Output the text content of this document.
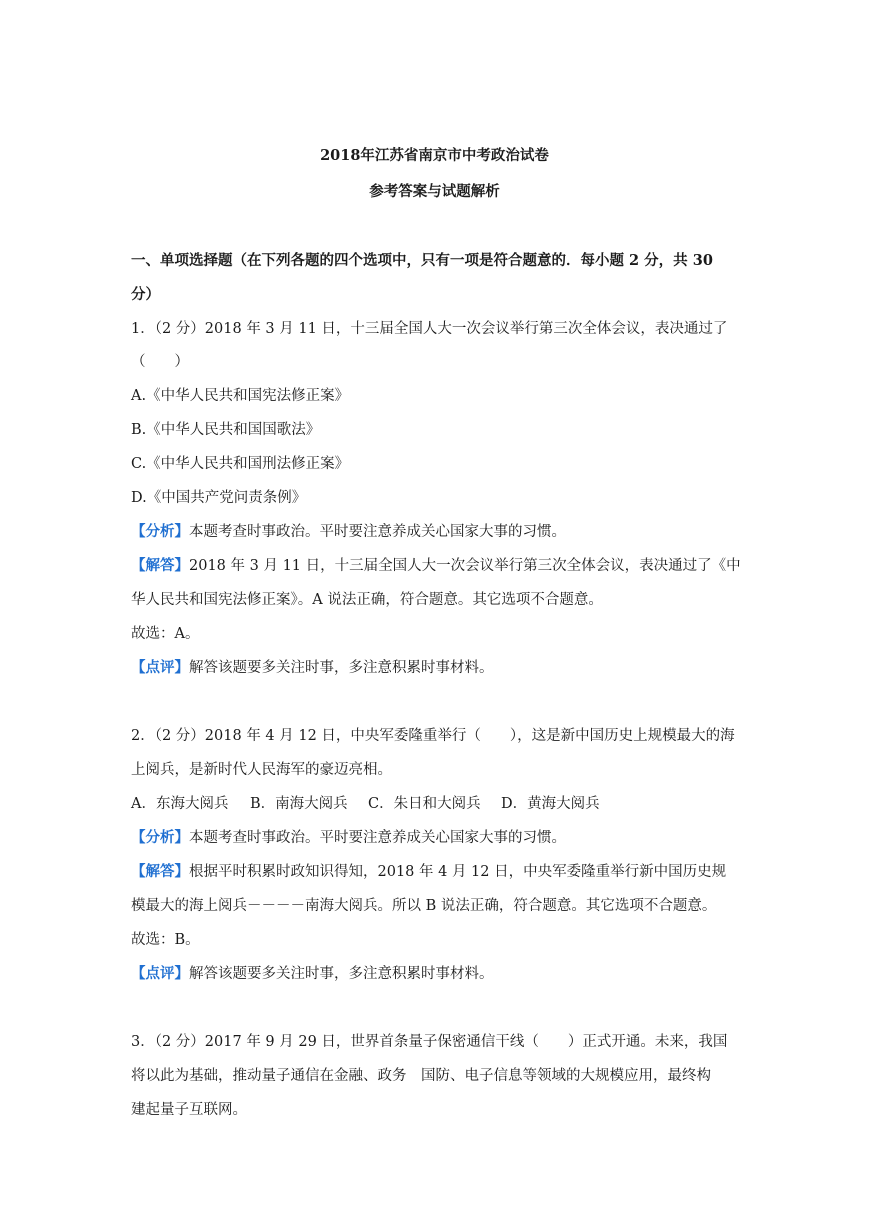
2018年江苏省南京市中考政治试卷
参考答案与试题解析
一、单项选择题（在下列各题的四个选项中，只有一项是符合题意的．每小题 2 分，共 30
分）
1．（2 分）2018 年 3 月 11 日，十三届全国人大一次会议举行第三次全体会议，表决通过了
（　　）
A.《中华人民共和国宪法修正案》
B.《中华人民共和国国歌法》
C.《中华人民共和国刑法修正案》
D.《中国共产党问责条例》
【分析】本题考查时事政治。平时要注意养成关心国家大事的习惯。
【解答】2018 年 3 月 11 日，十三届全国人大一次会议举行第三次全体会议，表决通过了《中
华人民共和国宪法修正案》。A 说法正确，符合题意。其它选项不合题意。
故选：A。
【点评】解答该题要多关注时事，多注意积累时事材料。
2．（2 分）2018 年 4 月 12 日，中央军委隆重举行（　　），这是新中国历史上规模最大的海
上阅兵，是新时代人民海军的豪迈亮相。
A．东海大阅兵 B．南海大阅兵 C．朱日和大阅兵 D．黄海大阅兵
【分析】本题考查时事政治。平时要注意养成关心国家大事的习惯。
【解答】根据平时积累时政知识得知，2018 年 4 月 12 日，中央军委隆重举行新中国历史规
模最大的海上阅兵－－－－南海大阅兵。所以 B 说法正确，符合题意。其它选项不合题意。
故选：B。
【点评】解答该题要多关注时事，多注意积累时事材料。
3．（2 分）2017 年 9 月 29 日，世界首条量子保密通信干线（　　）正式开通。未来，我国
将以此为基础，推动量子通信在金融、政务　国防、电子信息等领域的大规模应用，最终构
建起量子互联网。
